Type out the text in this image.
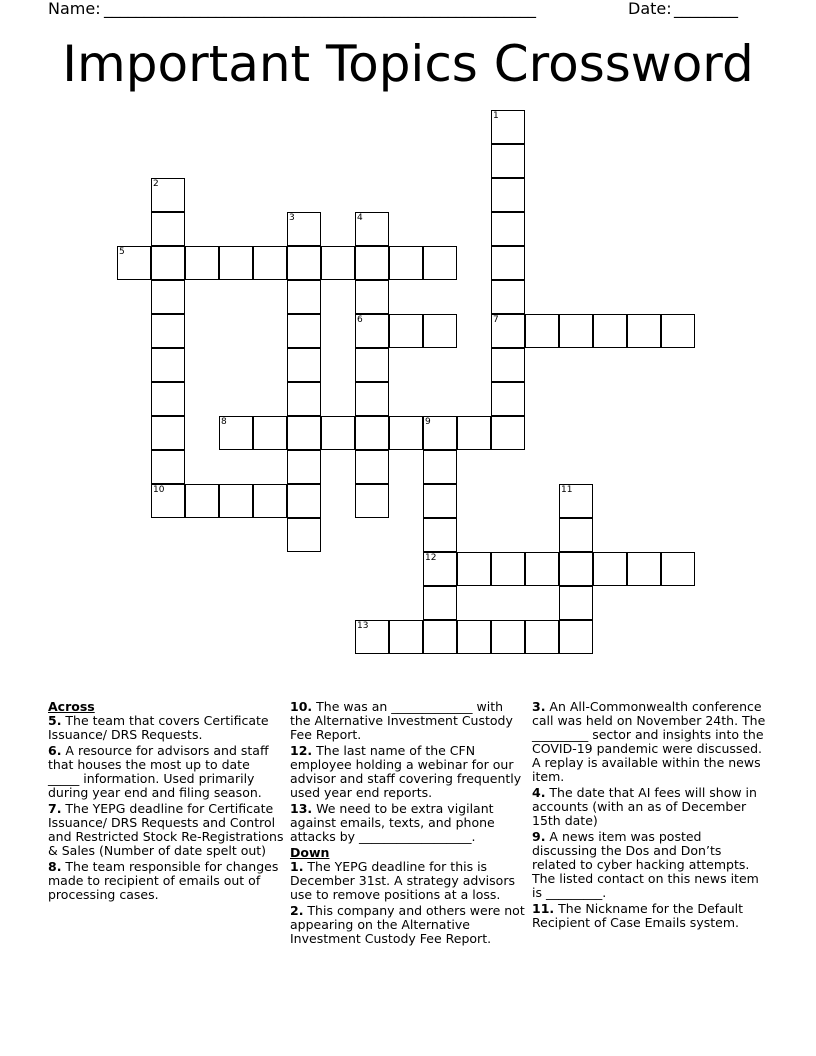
Name: ______________________________________________________	Date: ________
Important Topics Crossword
1
7
2
10
3	4
6
5
8	9
12
11
13
Across
5. The team that covers Certificate Issuance/ DRS Requests.
6. A resource for advisors and staff that houses the most up to date _____ information. Used primarily during year end and filing season.
7. The YEPG deadline for Certificate Issuance/ DRS Requests and Control and Restricted Stock Re-Registrations & Sales (Number of date spelt out)
8. The team responsible for changes made to recipient of emails out of processing cases.
10. The was an _____________ with the Alternative Investment Custody Fee Report.
12. The last name of the CFN employee holding a webinar for our advisor and staff covering frequently used year end reports.
13. We need to be extra vigilant against emails, texts, and phone attacks by __________________.
Down
1. The YEPG deadline for this is December 31st. A strategy advisors use to remove positions at a loss.
2. This company and others were not appearing on the Alternative Investment Custody Fee Report.
3. An All-Commonwealth conference call was held on November 24th. The _________ sector and insights into the COVID-19 pandemic were discussed. A replay is available within the news item.
4. The date that AI fees will show in accounts (with an as of December 15th date)
9. A news item was posted discussing the Dos and Don’ts related to cyber hacking attempts. The listed contact on this news item is _________.
11. The Nickname for the Default Recipient of Case Emails system.
